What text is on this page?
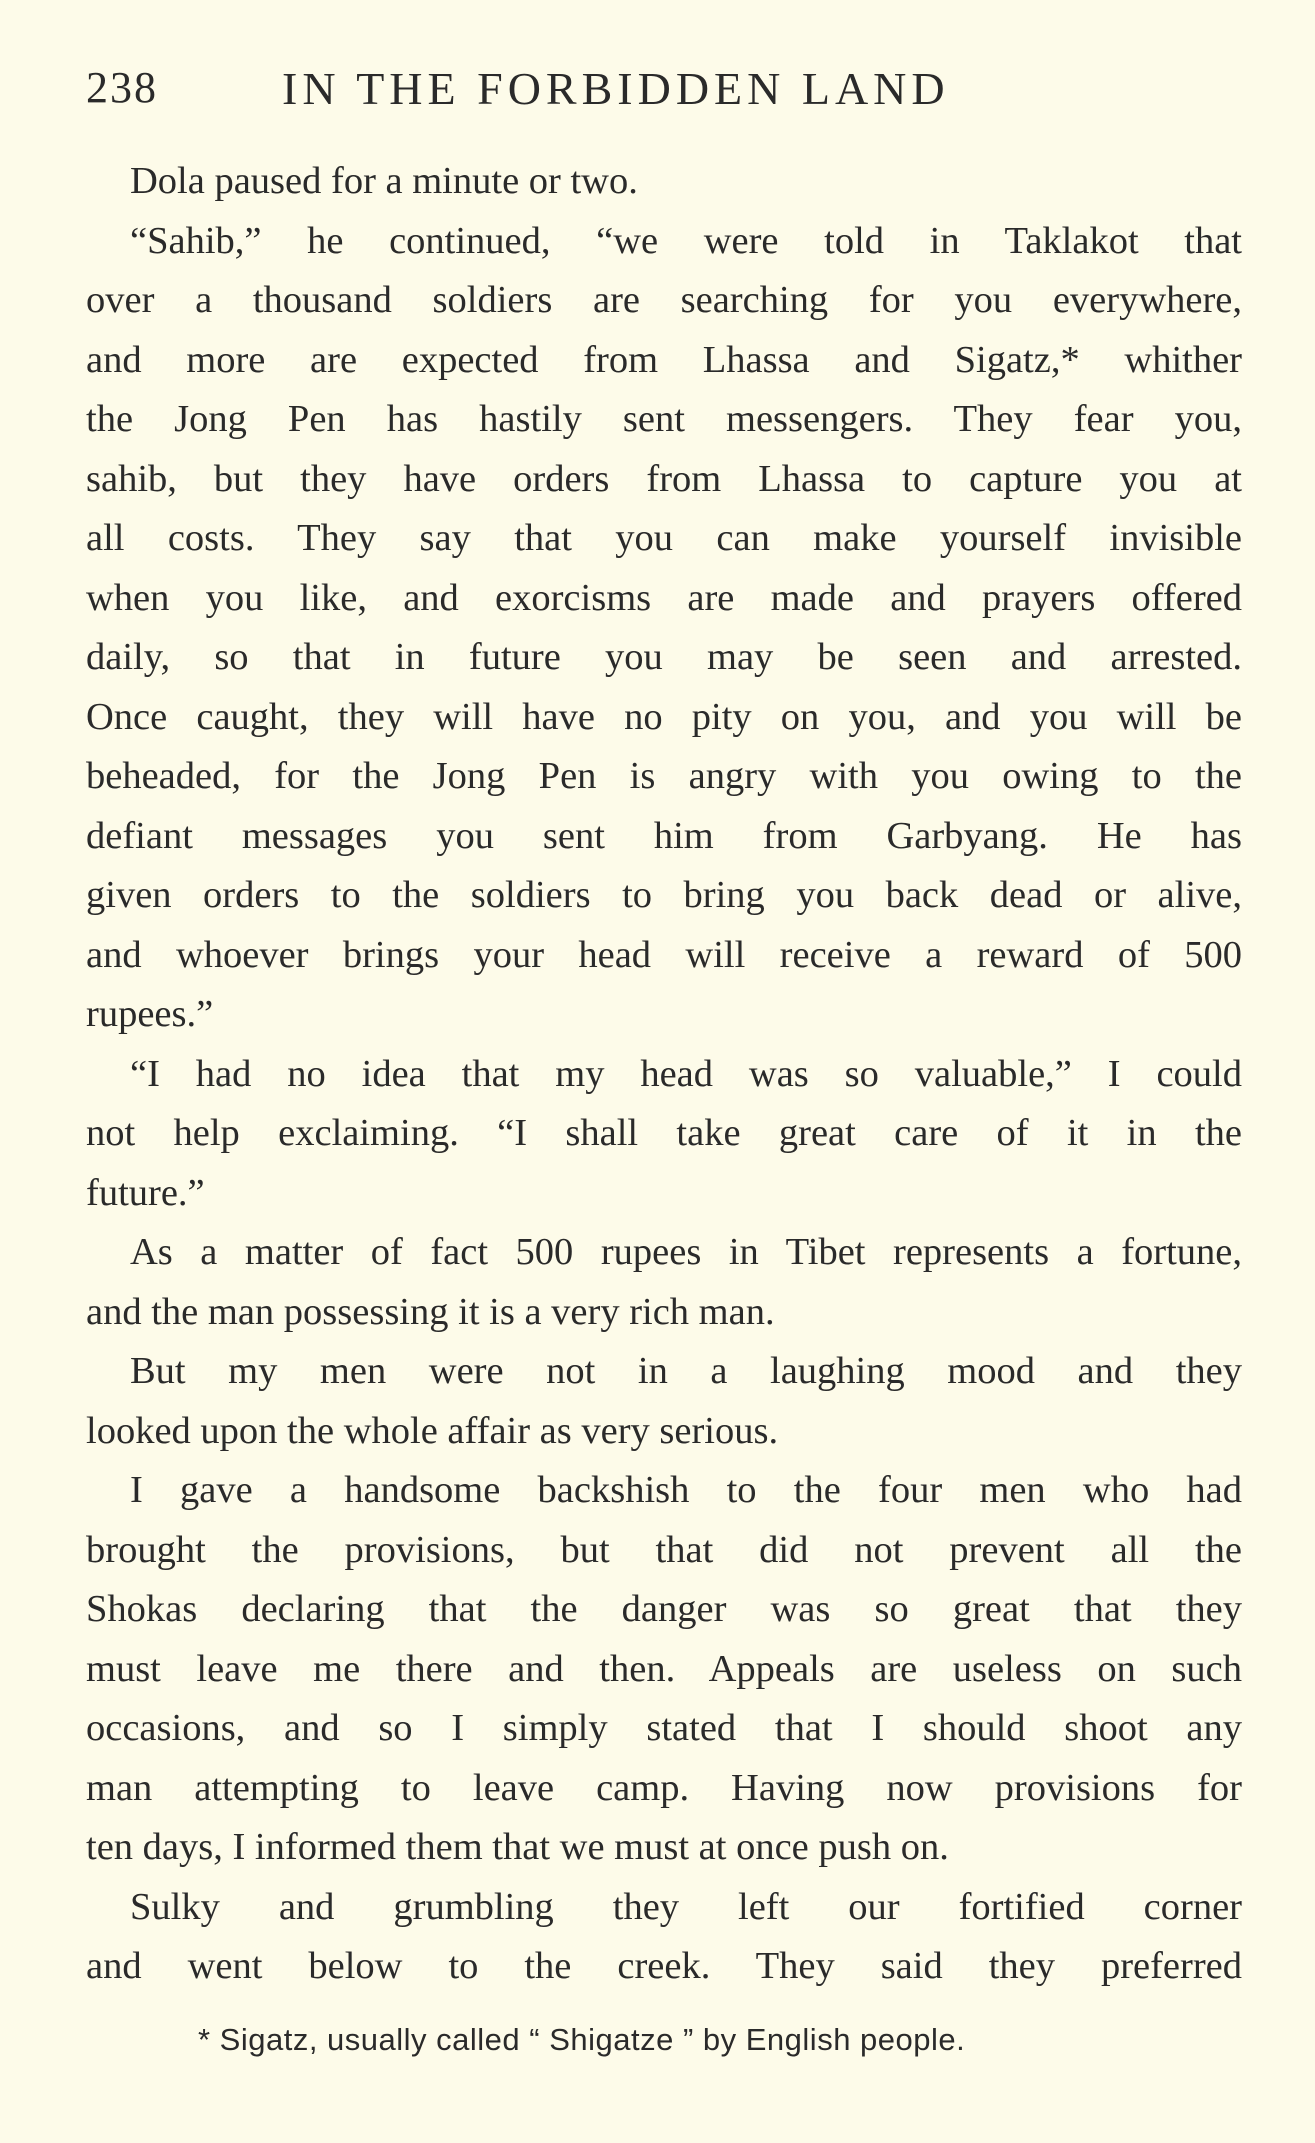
238	IN THE FORBIDDEN LAND
Dola paused for a minute or two.
“Sahib,” he continued, “we were told in Taklakot that
over a thousand soldiers are searching for you everywhere,
and more are expected from Lhassa and Sigatz,* whither
the Jong Pen has hastily sent messengers. They fear you,
sahib, but they have orders from Lhassa to capture you at
all costs. They say that you can make yourself invisible
when you like, and exorcisms are made and prayers offered
daily, so that in future you may be seen and arrested.
Once caught, they will have no pity on you, and you will be
beheaded, for the Jong Pen is angry with you owing to the
defiant messages you sent him from Garbyang. He has
given orders to the soldiers to bring you back dead or alive,
and whoever brings your head will receive a reward of 500
rupees.”
“I had no idea that my head was so valuable,” I could
not help exclaiming. “I shall take great care of it in the
future.”
As a matter of fact 500 rupees in Tibet represents a fortune,
and the man possessing it is a very rich man.
But my men were not in a laughing mood and they
looked upon the whole affair as very serious.
I gave a handsome backshish to the four men who had
brought the provisions, but that did not prevent all the
Shokas declaring that the danger was so great that they
must leave me there and then. Appeals are useless on such
occasions, and so I simply stated that I should shoot any
man attempting to leave camp. Having now provisions for
ten days, I informed them that we must at once push on.
Sulky and grumbling they left our fortified corner
and went below to the creek. They said they preferred
* Sigatz, usually called “ Shigatze ” by English people.
